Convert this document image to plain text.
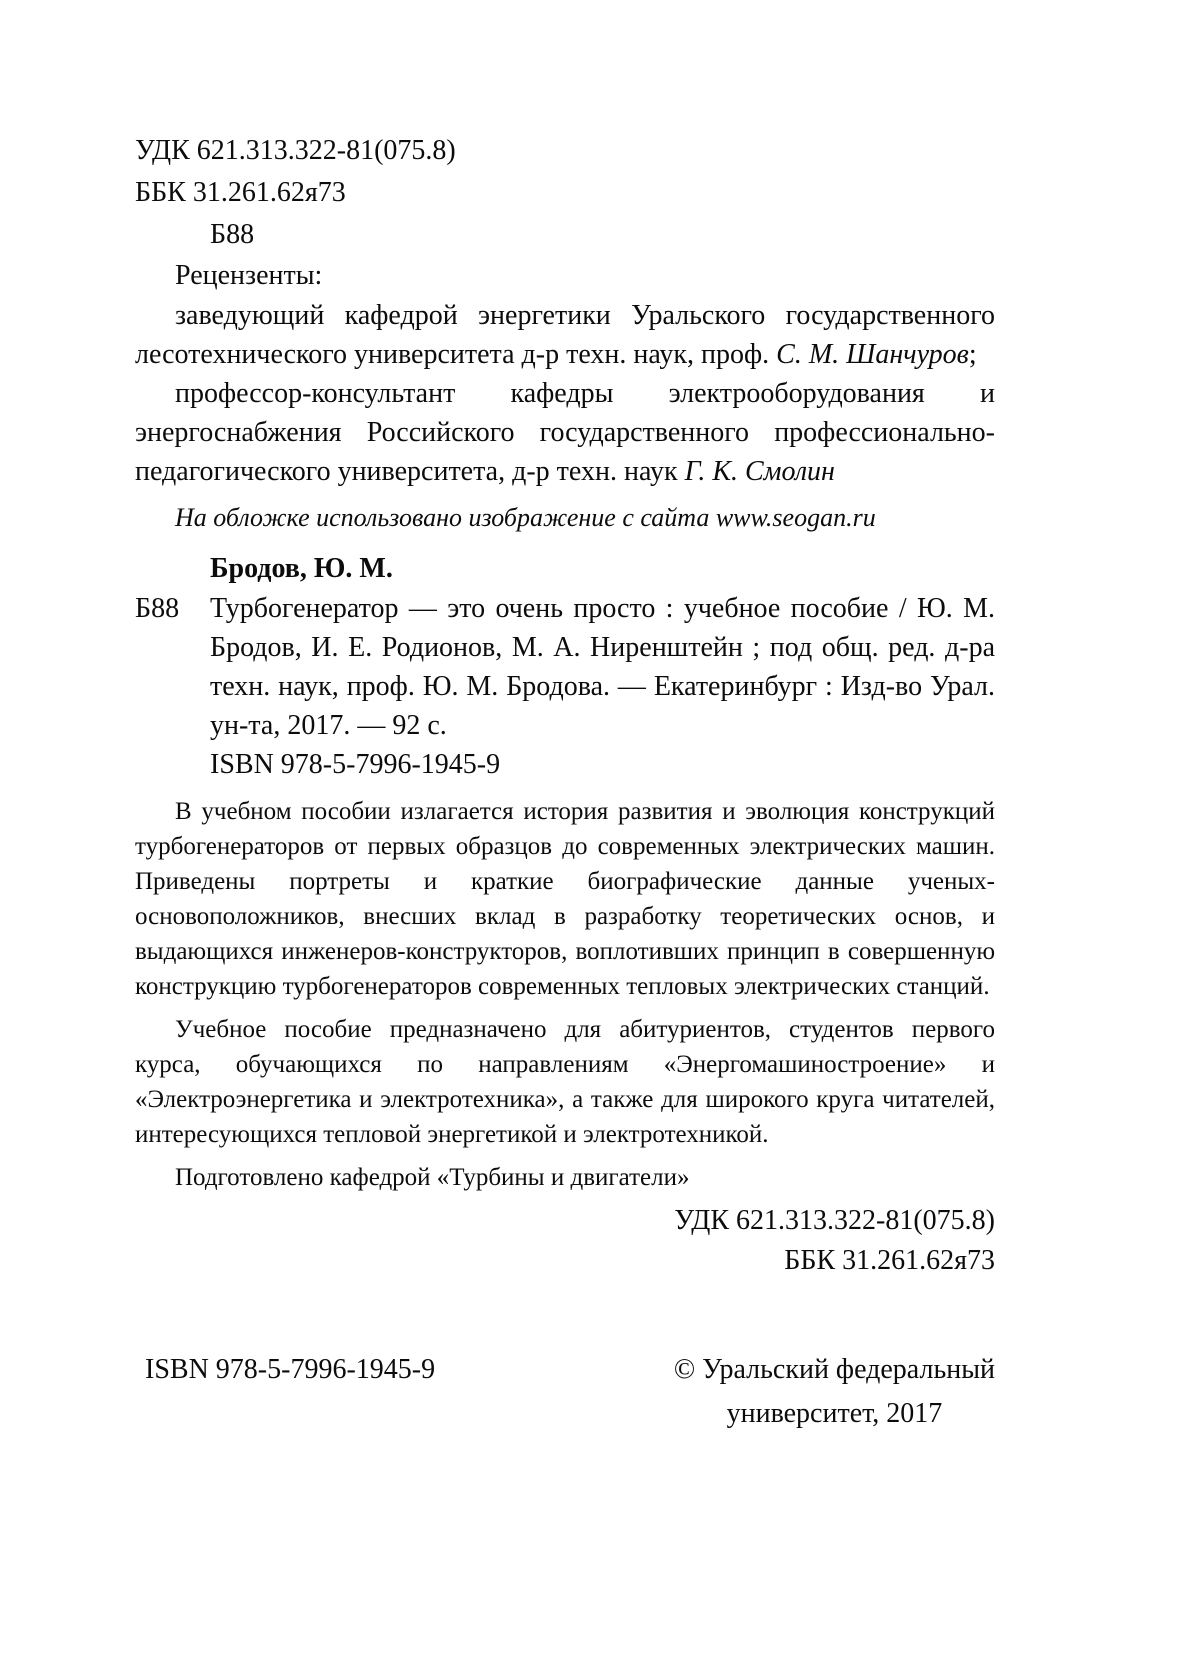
УДК 621.313.322-81(075.8)
ББК 31.261.62я73
Б88
Рецензенты:

заведующий кафедрой энергетики Уральского государственного лесотехнического университета д-р техн. наук, проф. С. М. Шанчуров;

профессор-консультант кафедры электрооборудования и энергоснабжения Российского государственного профессионально-педагогического университета, д-р техн. наук Г. К. Смолин

На обложке использовано изображение с сайта www.seogan.ru
Бродов, Ю. М.
Б88 Турбогенератор — это очень просто : учебное пособие / Ю. М. Бродов, И. Е. Родионов, М. А. Ниренштейн ; под общ. ред. д-ра техн. наук, проф. Ю. М. Бродова. — Екатеринбург : Изд-во Урал. ун-та, 2017. — 92 с.

ISBN 978-5-7996-1945-9

В учебном пособии излагается история развития и эволюция конструкций турбогенераторов от первых образцов до современных электрических машин. Приведены портреты и краткие биографические данные ученых-основоположников, внесших вклад в разработку теоретических основ, и выдающихся инженеров-конструкторов, воплотивших принцип в совершенную конструкцию турбогенераторов современных тепловых электрических станций.

Учебное пособие предназначено для абитуриентов, студентов первого курса, обучающихся по направлениям «Энергомашиностроение» и «Электроэнергетика и электротехника», а также для широкого круга читателей, интересующихся тепловой энергетикой и электротехникой.

Подготовлено кафедрой «Турбины и двигатели»

УДК 621.313.322-81(075.8)
ББК 31.261.62я73
ISBN 978-5-7996-1945-9	© Уральский федеральный
университет, 2017
